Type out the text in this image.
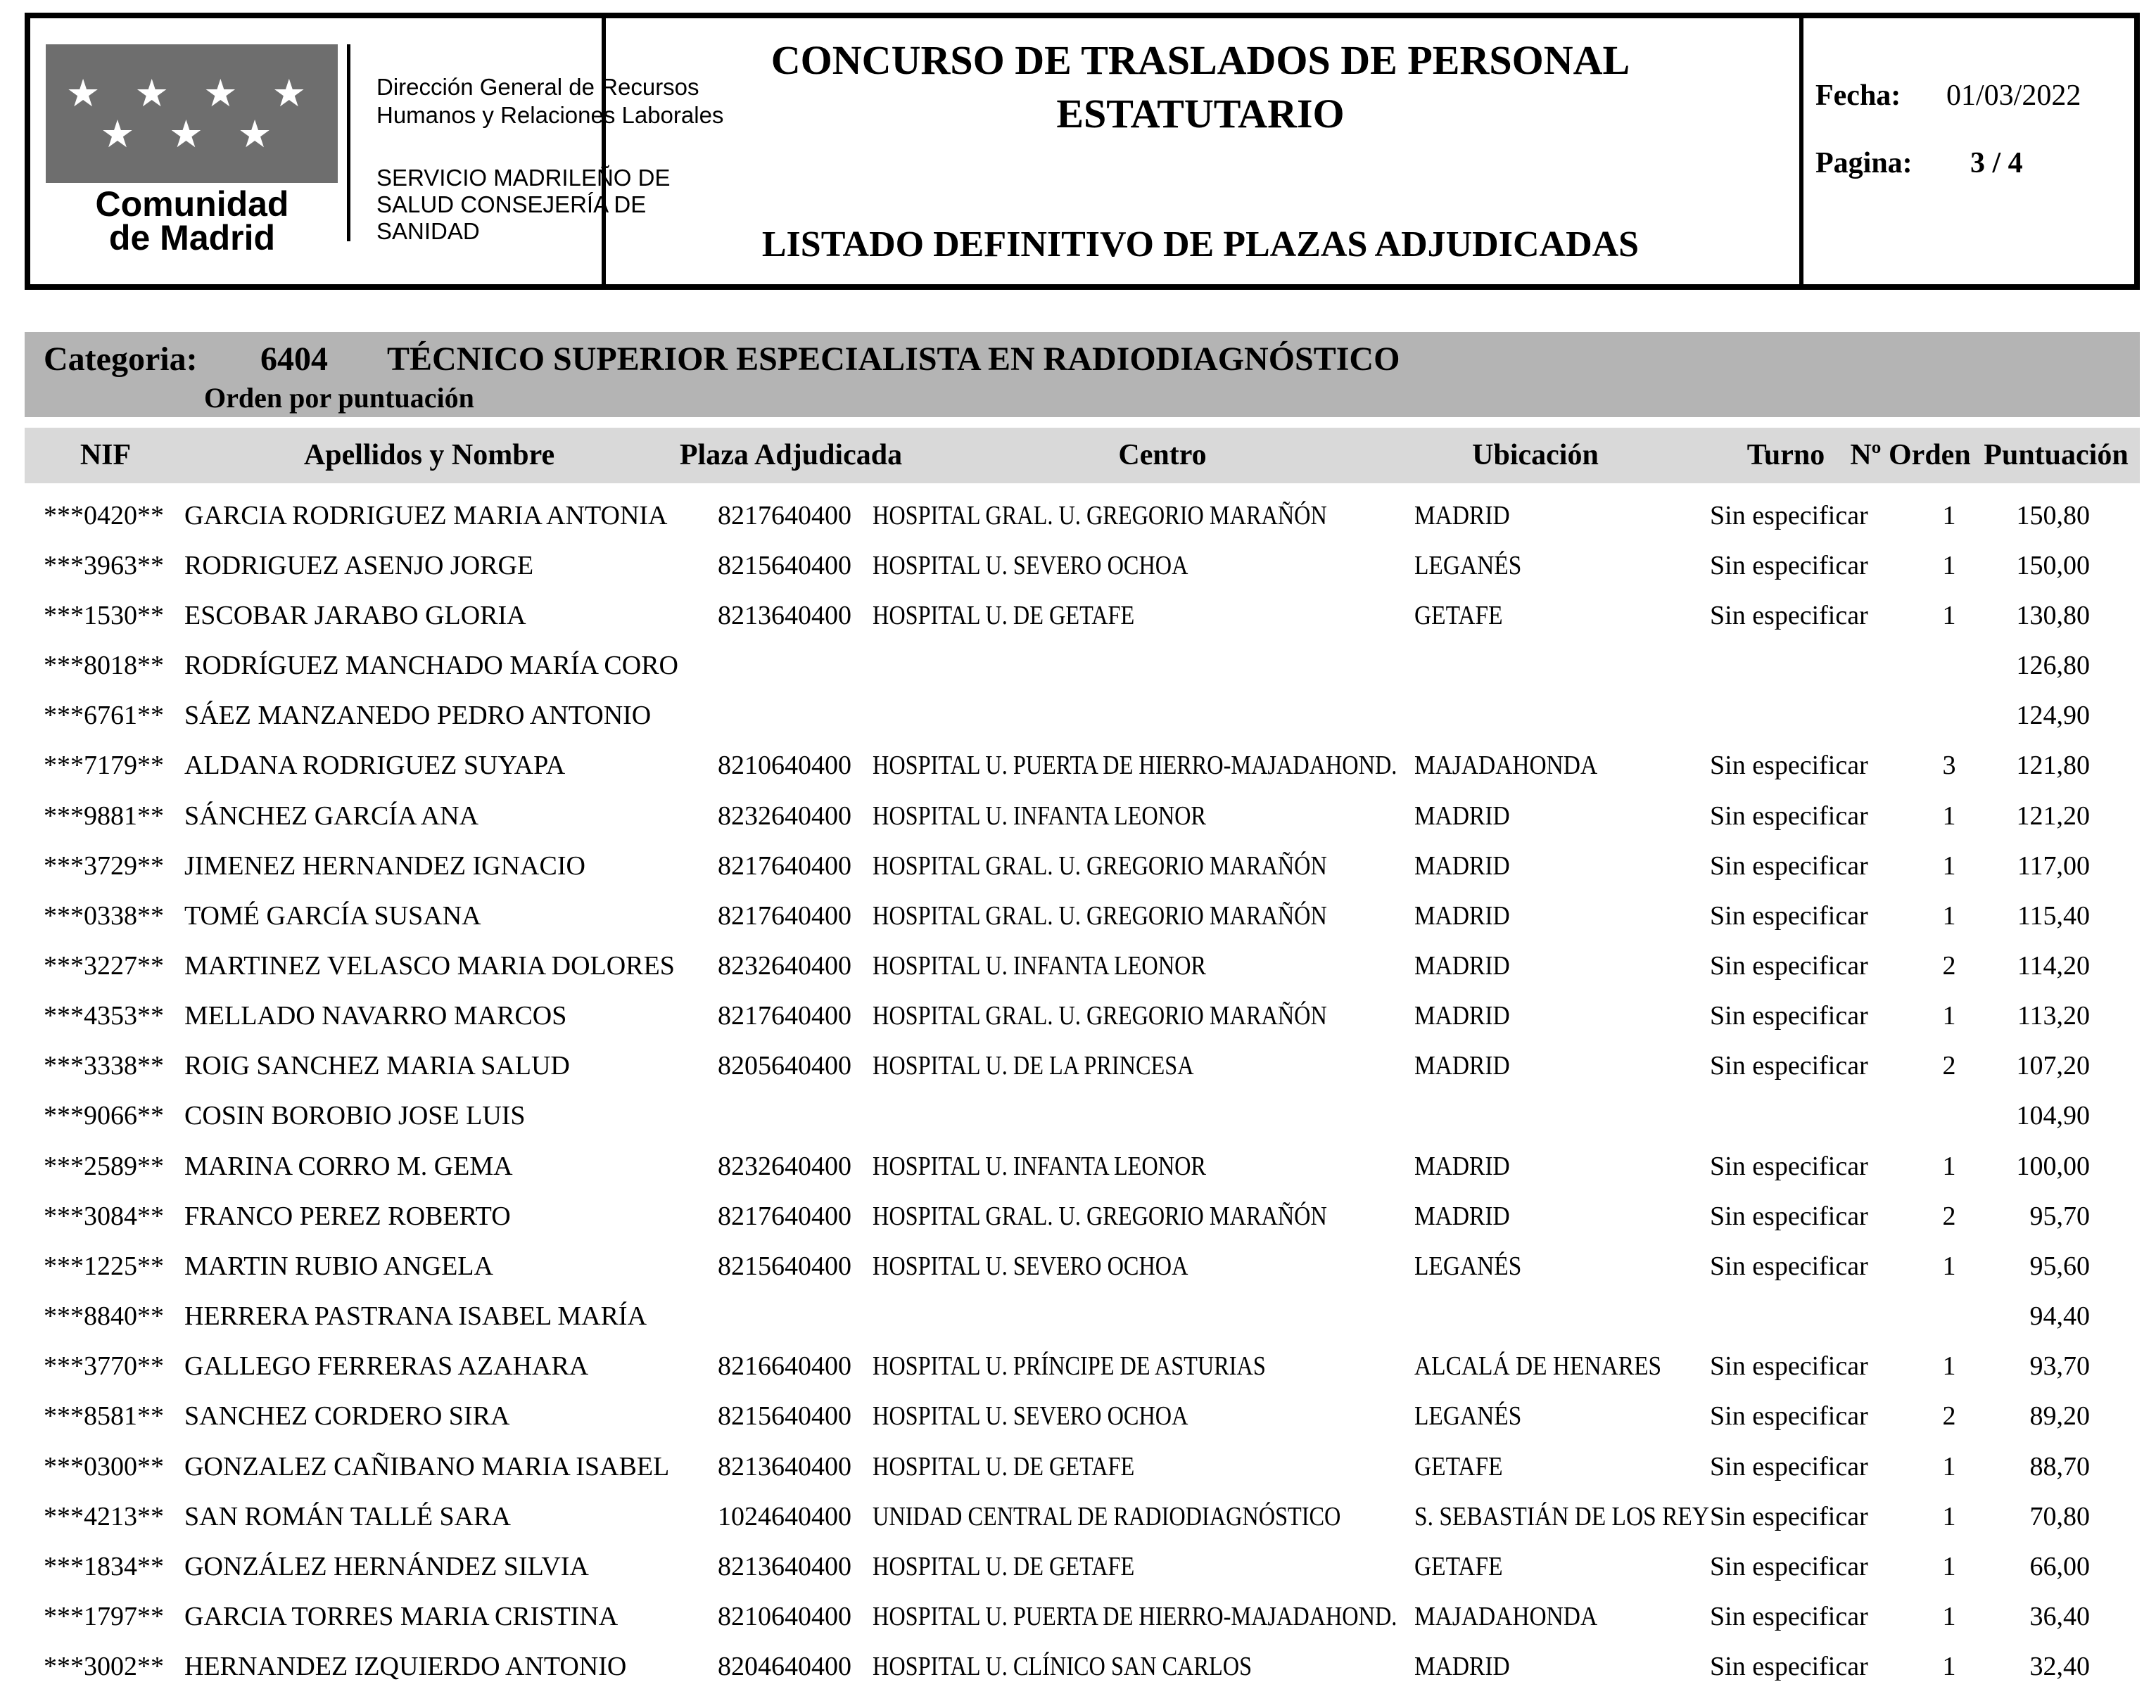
★ ★ ★ ★
★ ★ ★
Comunidad
de Madrid
Dirección General de Recursos
Humanos y Relaciones Laborales
SERVICIO MADRILEÑO DE
SALUD CONSEJERÍA DE
SANIDAD
CONCURSO DE TRASLADOS DE PERSONAL
ESTATUTARIO
LISTADO DEFINITIVO DE PLAZAS ADJUDICADAS
Fecha: 01/03/2022
Pagina: 3 / 4
Categoria: 6404 TÉCNICO SUPERIOR ESPECIALISTA EN RADIODIAGNÓSTICO
Orden por puntuación
NIF	Apellidos y Nombre	Plaza Adjudicada	Centro	Ubicación	Turno Nº Orden Puntuación
***0420** GARCIA RODRIGUEZ MARIA ANTONIA 8217640400 HOSPITAL GRAL. U. GREGORIO MARAÑÓN	MADRID	Sin especificar	1	150,80
***3963** RODRIGUEZ ASENJO JORGE	8215640400 HOSPITAL U. SEVERO OCHOA	LEGANÉS	Sin especificar	1	150,00
***1530** ESCOBAR JARABO GLORIA	8213640400 HOSPITAL U. DE GETAFE	GETAFE	Sin especificar	1	130,80
***8018** RODRÍGUEZ MANCHADO MARÍA CORO	126,80
***6761** SÁEZ MANZANEDO PEDRO ANTONIO	124,90
***7179** ALDANA RODRIGUEZ SUYAPA	8210640400 HOSPITAL U. PUERTA DE HIERRO-MAJADAHOND. MAJADAHONDA	Sin especificar	3	121,80
***9881** SÁNCHEZ GARCÍA ANA	8232640400 HOSPITAL U. INFANTA LEONOR	MADRID	Sin especificar	1	121,20
***3729** JIMENEZ HERNANDEZ IGNACIO	8217640400 HOSPITAL GRAL. U. GREGORIO MARAÑÓN	MADRID	Sin especificar	1	117,00
***0338** TOMÉ GARCÍA SUSANA	8217640400 HOSPITAL GRAL. U. GREGORIO MARAÑÓN	MADRID	Sin especificar	1	115,40
***3227** MARTINEZ VELASCO MARIA DOLORES 8232640400 HOSPITAL U. INFANTA LEONOR	MADRID	Sin especificar	2	114,20
***4353** MELLADO NAVARRO MARCOS	8217640400 HOSPITAL GRAL. U. GREGORIO MARAÑÓN	MADRID	Sin especificar	1	113,20
***3338** ROIG SANCHEZ MARIA SALUD	8205640400 HOSPITAL U. DE LA PRINCESA	MADRID	Sin especificar	2	107,20
***9066** COSIN BOROBIO JOSE LUIS	104,90
***2589** MARINA CORRO M. GEMA	8232640400 HOSPITAL U. INFANTA LEONOR	MADRID	Sin especificar	1	100,00
***3084** FRANCO PEREZ ROBERTO	8217640400 HOSPITAL GRAL. U. GREGORIO MARAÑÓN	MADRID	Sin especificar	2	95,70
***1225** MARTIN RUBIO ANGELA	8215640400 HOSPITAL U. SEVERO OCHOA	LEGANÉS	Sin especificar	1	95,60
***8840** HERRERA PASTRANA ISABEL MARÍA	94,40
***3770** GALLEGO FERRERAS AZAHARA	8216640400 HOSPITAL U. PRÍNCIPE DE ASTURIAS	ALCALÁ DE HENARES Sin especificar	1	93,70
***8581** SANCHEZ CORDERO SIRA	8215640400 HOSPITAL U. SEVERO OCHOA	LEGANÉS	Sin especificar	2	89,20
***0300** GONZALEZ CAÑIBANO MARIA ISABEL 8213640400 HOSPITAL U. DE GETAFE	GETAFE	Sin especificar	1	88,70
***4213** SAN ROMÁN TALLÉ SARA	1024640400 UNIDAD CENTRAL DE RADIODIAGNÓSTICO	S. SEBASTIÁN DE LOS REY Sin especificar	1	70,80
***1834** GONZÁLEZ HERNÁNDEZ SILVIA	8213640400 HOSPITAL U. DE GETAFE	GETAFE	Sin especificar	1	66,00
***1797** GARCIA TORRES MARIA CRISTINA	8210640400 HOSPITAL U. PUERTA DE HIERRO-MAJADAHOND. MAJADAHONDA	Sin especificar	1	36,40
***3002** HERNANDEZ IZQUIERDO ANTONIO	8204640400 HOSPITAL U. CLÍNICO SAN CARLOS	MADRID	Sin especificar	1	32,40
